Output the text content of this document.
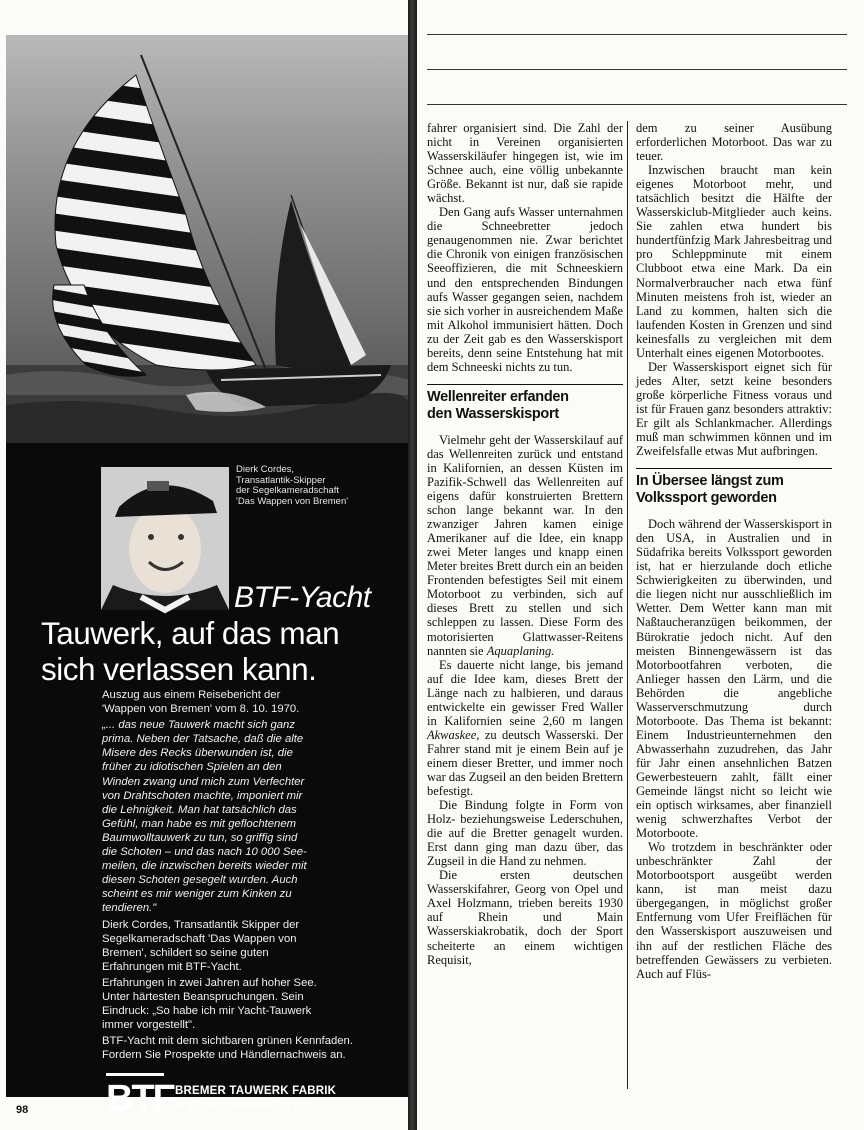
Dierk Cordes,
Transatlantik-Skipper
der Segelkameradschaft
'Das Wappen von Bremen'
BTF-Yacht
Tauwerk, auf das man
sich verlassen kann.
Auszug aus einem Reisebericht der
'Wappen von Bremen' vom 8. 10. 1970.
„... das neue Tauwerk macht sich ganz
prima. Neben der Tatsache, daß die alte
Misere des Recks überwunden ist, die
früher zu idiotischen Spielen an den
Winden zwang und mich zum Verfechter
von Drahtschoten machte, imponiert mir
die Lehnigkeit. Man hat tatsächlich das
Gefühl, man habe es mit geflochtenem
Baumwolltauwerk zu tun, so griffig sind
die Schoten – und das nach 10 000 See-
meilen, die inzwischen bereits wieder mit
diesen Schoten gesegelt wurden. Auch
scheint es mir weniger zum Kinken zu
tendieren."
Dierk Cordes, Transatlantik Skipper der
Segelkameradschaft 'Das Wappen von
Bremen', schildert so seine guten
Erfahrungen mit BTF-Yacht.
Erfahrungen in zwei Jahren auf hoher See.
Unter härtesten Beanspruchungen. Sein
Eindruck: „So habe ich mir Yacht-Tauwerk
immer vorgestellt".
BTF-Yacht mit dem sichtbaren grünen Kennfaden.
Fordern Sie Prospekte und Händlernachweis an.
BTF BREMER TAUWERK FABRIK
F. TECKLENBORG & CO.
98

fahrer organisiert sind. Die Zahl der nicht in Vereinen organisierten Wasserskiläufer hingegen ist, wie im Schnee auch, eine völlig unbekannte Größe. Bekannt ist nur, daß sie rapide wächst.

Den Gang aufs Wasser unternahmen die Schneebretter jedoch genaugenommen nie. Zwar berichtet die Chronik von einigen französischen Seeoffizieren, die mit Schneeskiern und den entsprechenden Bindungen aufs Wasser gegangen seien, nachdem sie sich vorher in ausreichendem Maße mit Alkohol immunisiert hätten. Doch zu der Zeit gab es den Wasserskisport bereits, denn seine Entstehung hat mit dem Schneeski nichts zu tun.

Wellenreiter erfanden
den Wasserskisport

Vielmehr geht der Wasserskilauf auf das Wellenreiten zurück und entstand in Kalifornien, an dessen Küsten im Pazifik-Schwell das Wellenreiten auf eigens dafür konstruierten Brettern schon lange bekannt war. In den zwanziger Jahren kamen einige Amerikaner auf die Idee, ein knapp zwei Meter langes und knapp einen Meter breites Brett durch ein an beiden Frontenden befestigtes Seil mit einem Motorboot zu verbinden, sich auf dieses Brett zu stellen und sich schleppen zu lassen. Diese Form des motorisierten Glattwasser-Reitens nannten sie Aquaplaning.

Es dauerte nicht lange, bis jemand auf die Idee kam, dieses Brett der Länge nach zu halbieren, und daraus entwickelte ein gewisser Fred Waller in Kalifornien seine 2,60 m langen Akwaskee, zu deutsch Wasserski. Der Fahrer stand mit je einem Bein auf je einem dieser Bretter, und immer noch war das Zugseil an den beiden Brettern befestigt.

Die Bindung folgte in Form von Holz- beziehungsweise Lederschuhen, die auf die Bretter genagelt wurden. Erst dann ging man dazu über, das Zugseil in die Hand zu nehmen.

Die ersten deutschen Wasserskifahrer, Georg von Opel und Axel Holzmann, trieben bereits 1930 auf Rhein und Main Wasserskiakrobatik, doch der Sport scheiterte an einem wichtigen Requisit,

dem zu seiner Ausübung erforderlichen Motorboot. Das war zu teuer.

Inzwischen braucht man kein eigenes Motorboot mehr, und tatsächlich besitzt die Hälfte der Wasserskiclub-Mitglieder auch keins. Sie zahlen etwa hundert bis hundertfünfzig Mark Jahresbeitrag und pro Schleppminute mit einem Clubboot etwa eine Mark. Da ein Normalverbraucher nach etwa fünf Minuten meistens froh ist, wieder an Land zu kommen, halten sich die laufenden Kosten in Grenzen und sind keinesfalls zu vergleichen mit dem Unterhalt eines eigenen Motorbootes.

Der Wasserskisport eignet sich für jedes Alter, setzt keine besonders große körperliche Fitness voraus und ist für Frauen ganz besonders attraktiv: Er gilt als Schlankmacher. Allerdings muß man schwimmen können und im Zweifelsfalle etwas Mut aufbringen.

In Übersee längst zum
Volkssport geworden

Doch während der Wasserskisport in den USA, in Australien und in Südafrika bereits Volkssport geworden ist, hat er hierzulande doch etliche Schwierigkeiten zu überwinden, und die liegen nicht nur ausschließlich im Wetter. Dem Wetter kann man mit Naßtaucheranzügen beikommen, der Bürokratie jedoch nicht. Auf den meisten Binnengewässern ist das Motorbootfahren verboten, die Anlieger hassen den Lärm, und die Behörden die angebliche Wasserverschmutzung durch Motorboote. Das Thema ist bekannt: Einem Industrieunternehmen den Abwasserhahn zuzudrehen, das Jahr für Jahr einen ansehnlichen Batzen Gewerbesteuern zahlt, fällt einer Gemeinde längst nicht so leicht wie ein optisch wirksames, aber finanziell wenig schwerzhaftes Verbot der Motorboote.

Wo trotzdem in beschränkter oder unbeschränkter Zahl der Motorbootsport ausgeübt werden kann, ist man meist dazu übergegangen, in möglichst großer Entfernung vom Ufer Freiflächen für den Wasserskisport auszuweisen und ihn auf der restlichen Fläche des betreffenden Gewässers zu verbieten. Auch auf Flüs-
